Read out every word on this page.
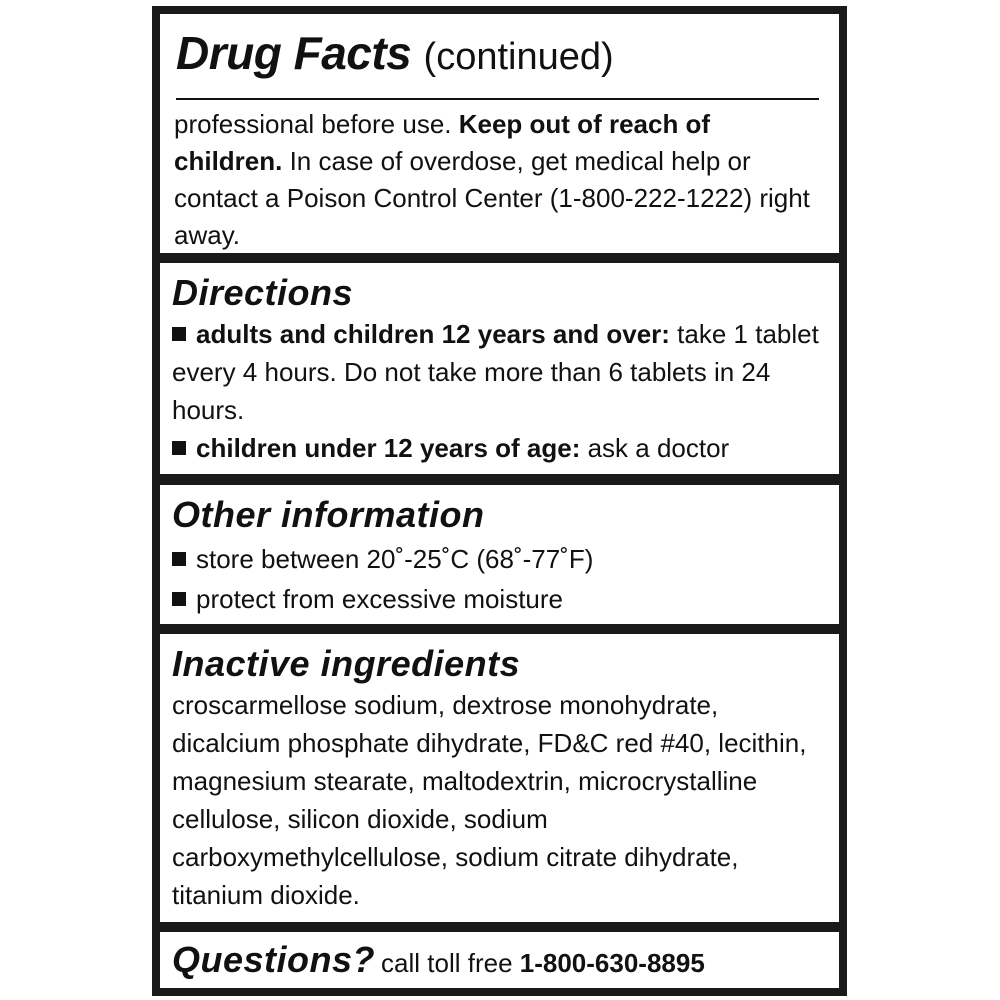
Drug Facts (continued)
professional before use. Keep out of reach of children. In case of overdose, get medical help or contact a Poison Control Center (1-800-222-1222) right away.
Directions
adults and children 12 years and over: take 1 tablet every 4 hours. Do not take more than 6 tablets in 24 hours.
children under 12 years of age: ask a doctor
Other information
store between 20˚-25˚C (68˚-77˚F)
protect from excessive moisture
Inactive ingredients
croscarmellose sodium, dextrose monohydrate, dicalcium phosphate dihydrate, FD&C red #40, lecithin, magnesium stearate, maltodextrin, microcrystalline cellulose, silicon dioxide, sodium carboxymethylcellulose, sodium citrate dihydrate, titanium dioxide.
Questions? call toll free 1-800-630-8895
